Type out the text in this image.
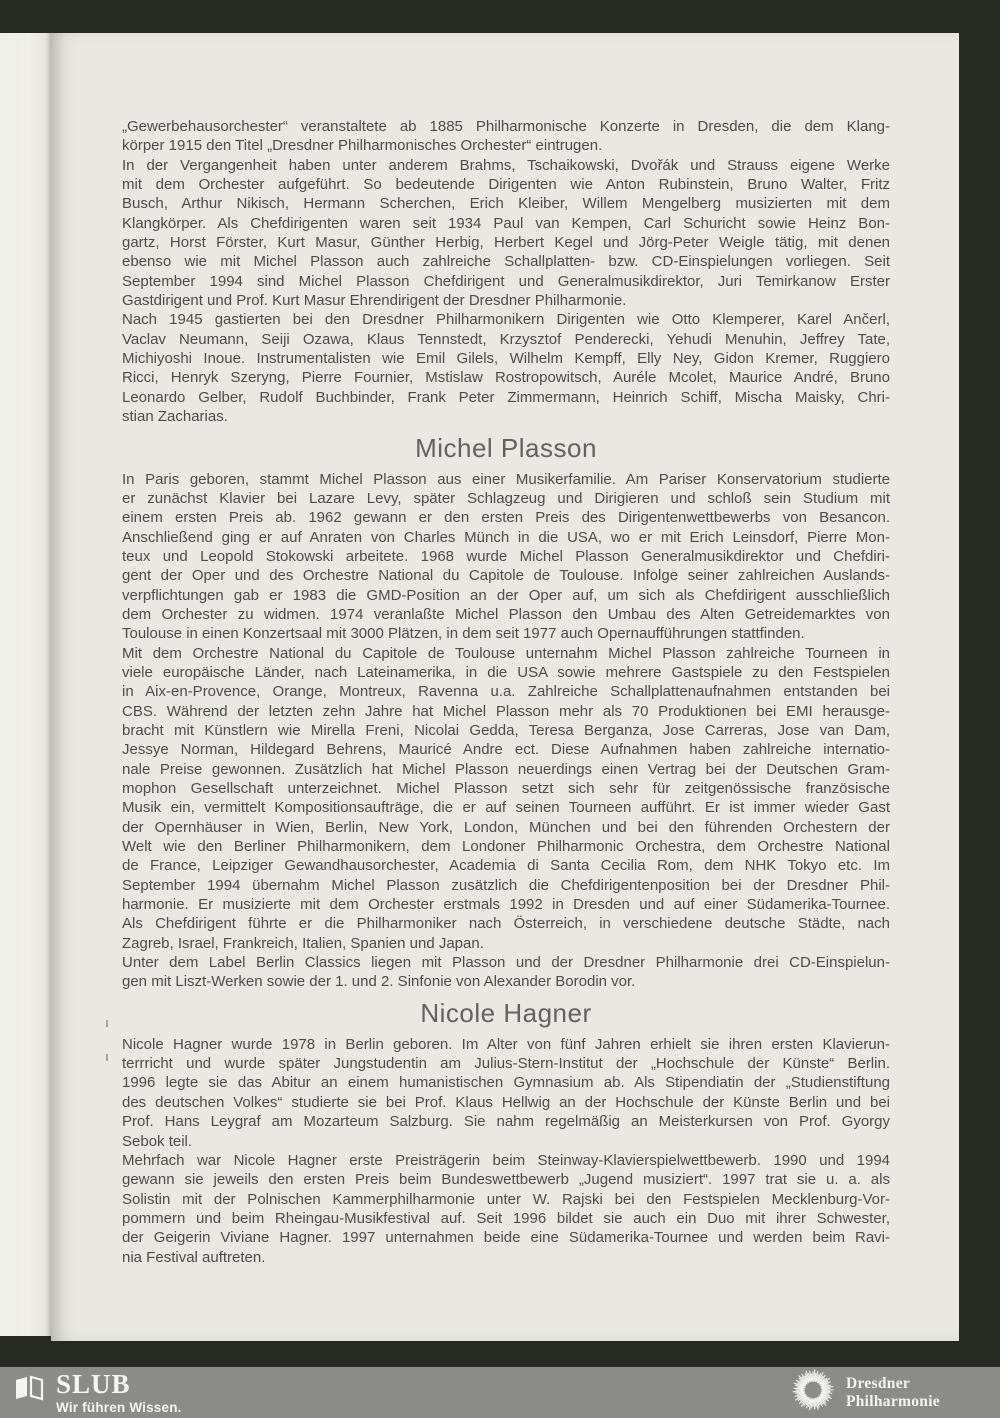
„Gewerbehausorchester“ veranstaltete ab 1885 Philharmonische Konzerte in Dresden, die dem Klang-
körper 1915 den Titel „Dresdner Philharmonisches Orchester“ eintrugen.
In der Vergangenheit haben unter anderem Brahms, Tschaikowski, Dvořák und Strauss eigene Werke
mit dem Orchester aufgeführt. So bedeutende Dirigenten wie Anton Rubinstein, Bruno Walter, Fritz
Busch, Arthur Nikisch, Hermann Scherchen, Erich Kleiber, Willem Mengelberg musizierten mit dem
Klangkörper. Als Chefdirigenten waren seit 1934 Paul van Kempen, Carl Schuricht sowie Heinz Bon-
gartz, Horst Förster, Kurt Masur, Günther Herbig, Herbert Kegel und Jörg-Peter Weigle tätig, mit denen
ebenso wie mit Michel Plasson auch zahlreiche Schallplatten- bzw. CD-Einspielungen vorliegen. Seit
September 1994 sind Michel Plasson Chefdirigent und Generalmusikdirektor, Juri Temirkanow Erster
Gastdirigent und Prof. Kurt Masur Ehrendirigent der Dresdner Philharmonie.
Nach 1945 gastierten bei den Dresdner Philharmonikern Dirigenten wie Otto Klemperer, Karel Ančerl,
Vaclav Neumann, Seiji Ozawa, Klaus Tennstedt, Krzysztof Penderecki, Yehudi Menuhin, Jeffrey Tate,
Michiyoshi Inoue. Instrumentalisten wie Emil Gilels, Wilhelm Kempff, Elly Ney, Gidon Kremer, Ruggiero
Ricci, Henryk Szeryng, Pierre Fournier, Mstislaw Rostropowitsch, Auréle Mcolet, Maurice André, Bruno
Leonardo Gelber, Rudolf Buchbinder, Frank Peter Zimmermann, Heinrich Schiff, Mischa Maisky, Chri-
stian Zacharias.
Michel Plasson
In Paris geboren, stammt Michel Plasson aus einer Musikerfamilie. Am Pariser Konservatorium studierte
er zunächst Klavier bei Lazare Levy, später Schlagzeug und Dirigieren und schloß sein Studium mit
einem ersten Preis ab. 1962 gewann er den ersten Preis des Dirigentenwettbewerbs von Besancon.
Anschließend ging er auf Anraten von Charles Münch in die USA, wo er mit Erich Leinsdorf, Pierre Mon-
teux und Leopold Stokowski arbeitete. 1968 wurde Michel Plasson Generalmusikdirektor und Chefdiri-
gent der Oper und des Orchestre National du Capitole de Toulouse. Infolge seiner zahlreichen Auslands-
verpflichtungen gab er 1983 die GMD-Position an der Oper auf, um sich als Chefdirigent ausschließlich
dem Orchester zu widmen. 1974 veranlaßte Michel Plasson den Umbau des Alten Getreidemarktes von
Toulouse in einen Konzertsaal mit 3000 Plätzen, in dem seit 1977 auch Opernaufführungen stattfinden.
Mit dem Orchestre National du Capitole de Toulouse unternahm Michel Plasson zahlreiche Tourneen in
viele europäische Länder, nach Lateinamerika, in die USA sowie mehrere Gastspiele zu den Festspielen
in Aix-en-Provence, Orange, Montreux, Ravenna u.a. Zahlreiche Schallplattenaufnahmen entstanden bei
CBS. Während der letzten zehn Jahre hat Michel Plasson mehr als 70 Produktionen bei EMI herausge-
bracht mit Künstlern wie Mirella Freni, Nicolai Gedda, Teresa Berganza, Jose Carreras, Jose van Dam,
Jessye Norman, Hildegard Behrens, Mauricé Andre ect. Diese Aufnahmen haben zahlreiche internatio-
nale Preise gewonnen. Zusätzlich hat Michel Plasson neuerdings einen Vertrag bei der Deutschen Gram-
mophon Gesellschaft unterzeichnet. Michel Plasson setzt sich sehr für zeitgenössische französische
Musik ein, vermittelt Kompositionsaufträge, die er auf seinen Tourneen aufführt. Er ist immer wieder Gast
der Opernhäuser in Wien, Berlin, New York, London, München und bei den führenden Orchestern der
Welt wie den Berliner Philharmonikern, dem Londoner Philharmonic Orchestra, dem Orchestre National
de France, Leipziger Gewandhausorchester, Academia di Santa Cecilia Rom, dem NHK Tokyo etc. Im
September 1994 übernahm Michel Plasson zusätzlich die Chefdirigentenposition bei der Dresdner Phil-
harmonie. Er musizierte mit dem Orchester erstmals 1992 in Dresden und auf einer Südamerika-Tournee.
Als Chefdirigent führte er die Philharmoniker nach Österreich, in verschiedene deutsche Städte, nach
Zagreb, Israel, Frankreich, Italien, Spanien und Japan.
Unter dem Label Berlin Classics liegen mit Plasson und der Dresdner Philharmonie drei CD-Einspielun-
gen mit Liszt-Werken sowie der 1. und 2. Sinfonie von Alexander Borodin vor.
Nicole Hagner
Nicole Hagner wurde 1978 in Berlin geboren. Im Alter von fünf Jahren erhielt sie ihren ersten Klavierun-
terrricht und wurde später Jungstudentin am Julius-Stern-Institut der „Hochschule der Künste“ Berlin.
1996 legte sie das Abitur an einem humanistischen Gymnasium ab. Als Stipendiatin der „Studienstiftung
des deutschen Volkes“ studierte sie bei Prof. Klaus Hellwig an der Hochschule der Künste Berlin und bei
Prof. Hans Leygraf am Mozarteum Salzburg. Sie nahm regelmäßig an Meisterkursen von Prof. Gyorgy
Sebok teil.
Mehrfach war Nicole Hagner erste Preisträgerin beim Steinway-Klavierspielwettbewerb. 1990 und 1994
gewann sie jeweils den ersten Preis beim Bundeswettbewerb „Jugend musiziert“. 1997 trat sie u. a. als
Solistin mit der Polnischen Kammerphilharmonie unter W. Rajski bei den Festspielen Mecklenburg-Vor-
pommern und beim Rheingau-Musikfestival auf. Seit 1996 bildet sie auch ein Duo mit ihrer Schwester,
der Geigerin Viviane Hagner. 1997 unternahmen beide eine Südamerika-Tournee und werden beim Ravi-
nia Festival auftreten.
SLUB
Wir führen Wissen.
Dresdner
Philharmonie
